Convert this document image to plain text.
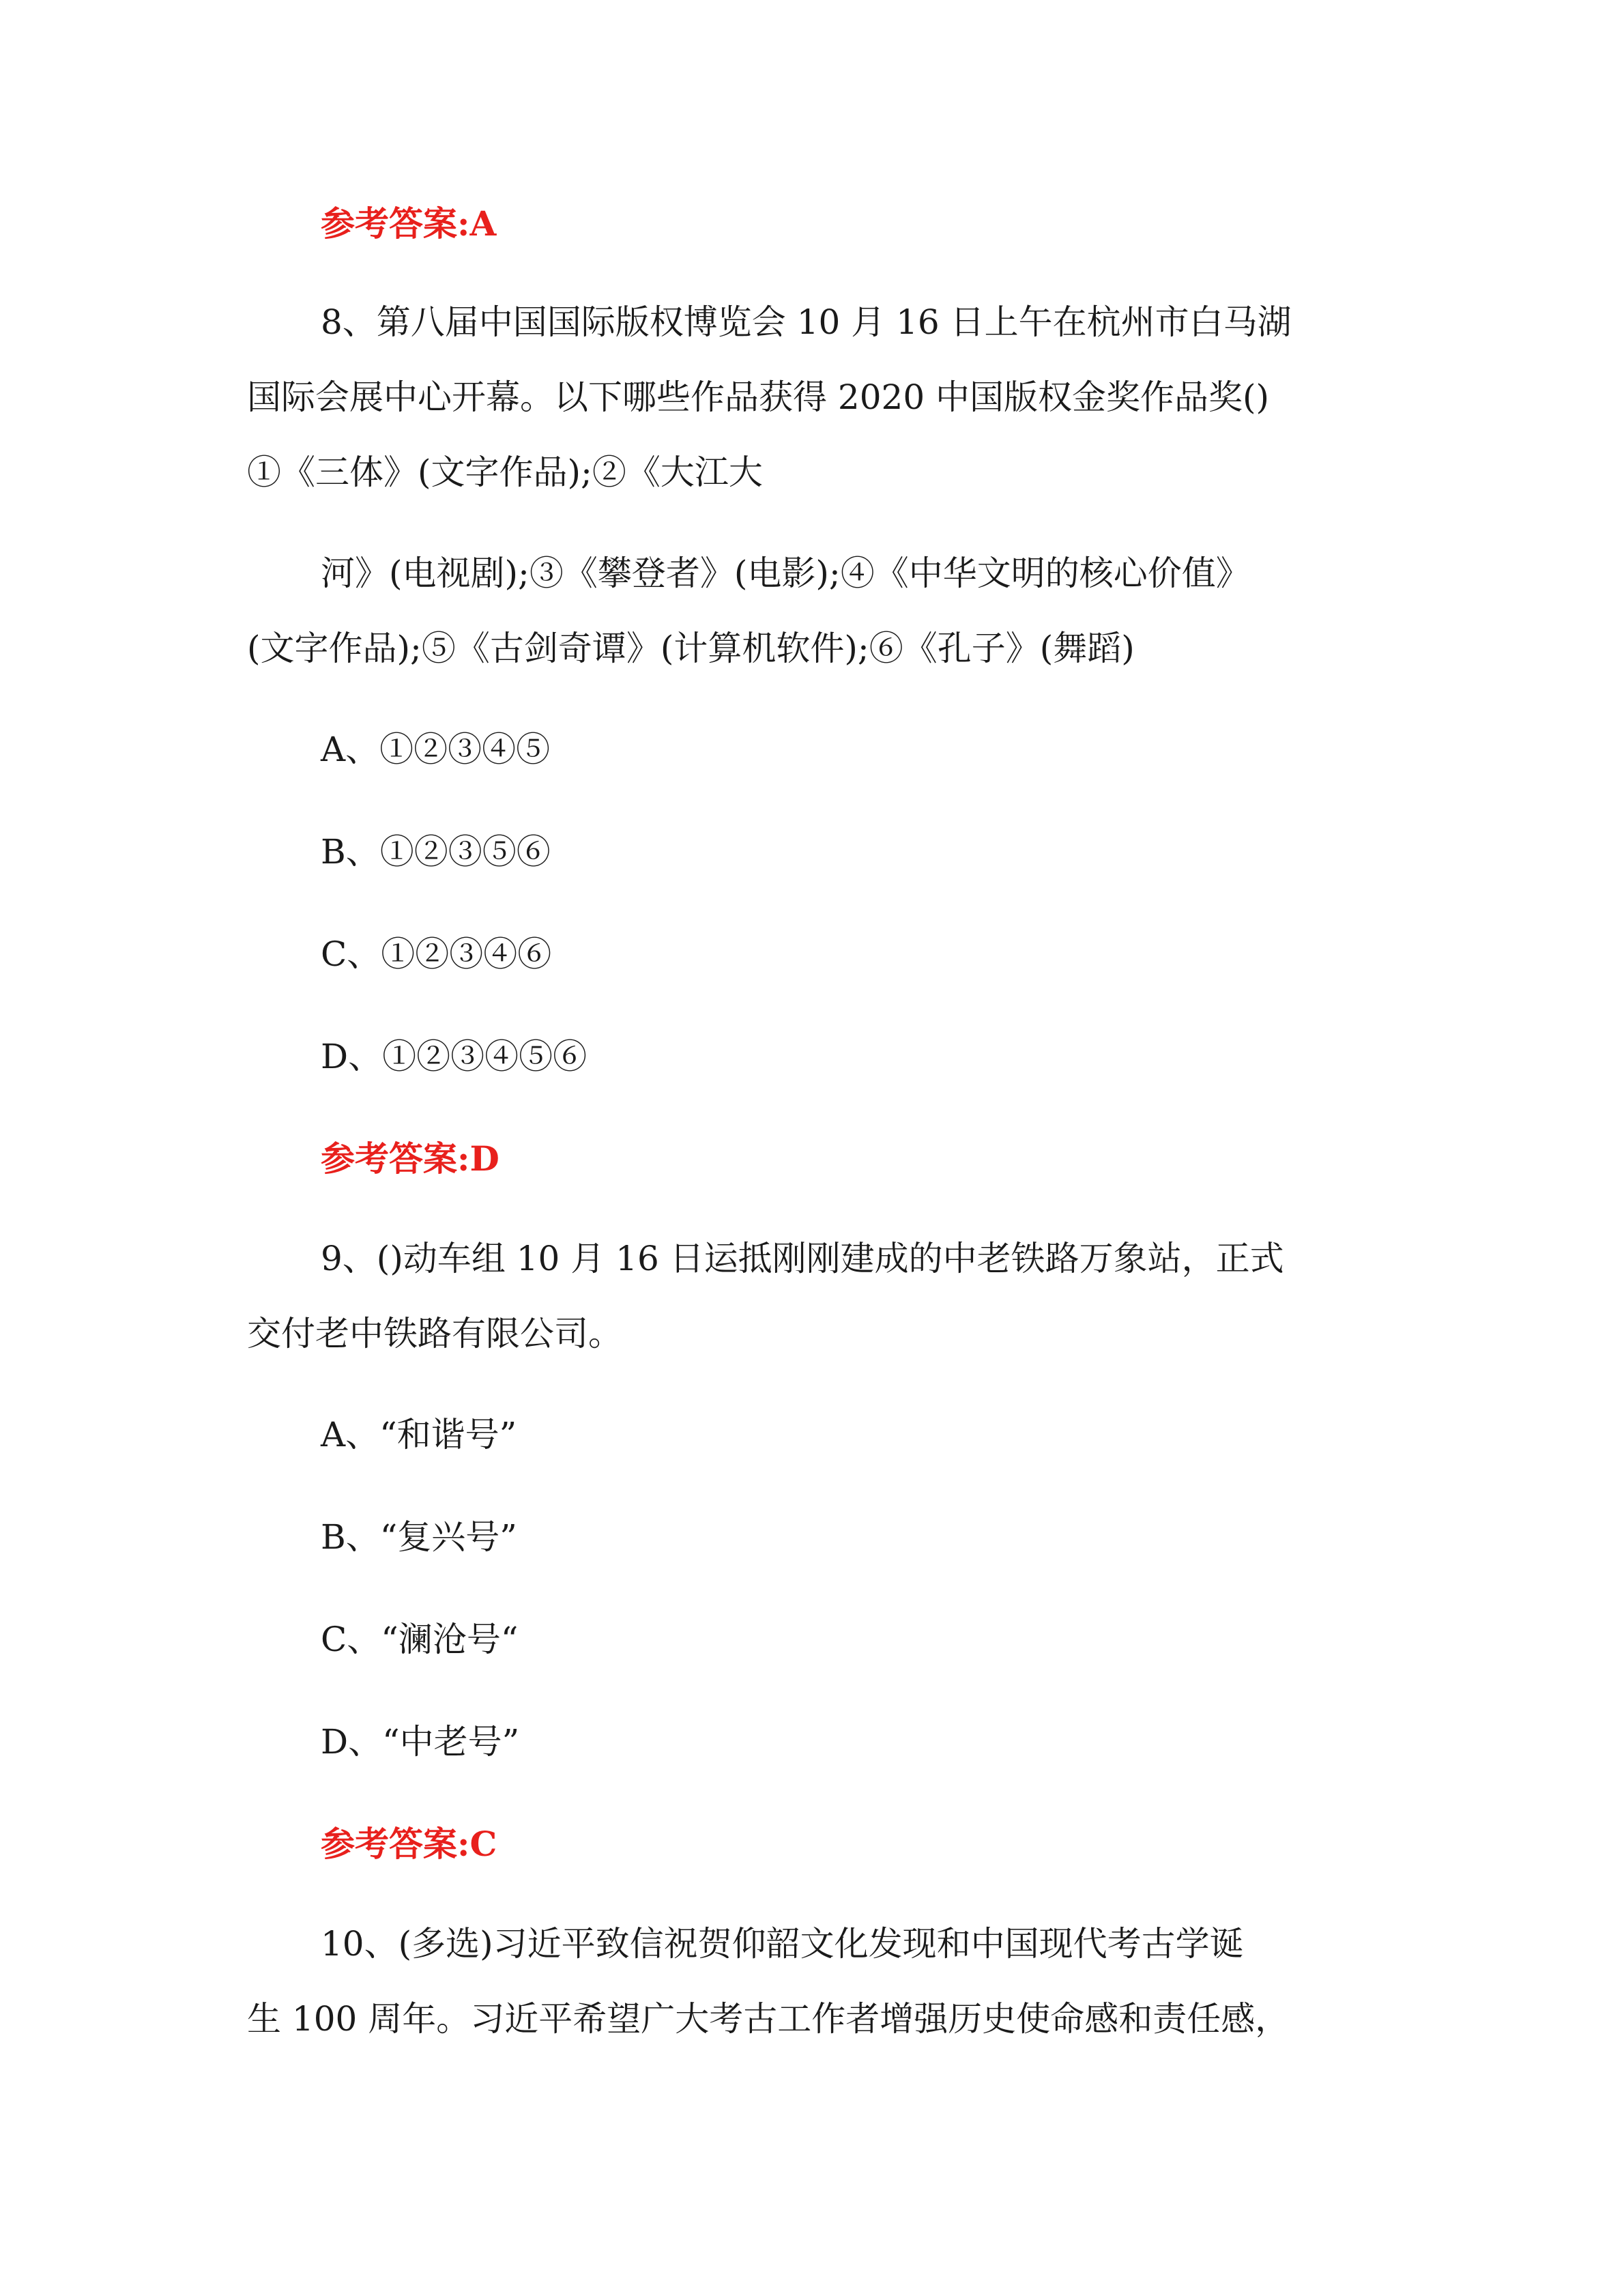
参考答案:A
8、第八届中国国际版权博览会 10 月 16 日上午在杭州市白马湖
国际会展中心开幕。以下哪些作品获得 2020 中国版权金奖作品奖()
①《三体》(文字作品);②《大江大
河》(电视剧);③《攀登者》(电影);④《中华文明的核心价值》
(文字作品);⑤《古剑奇谭》(计算机软件);⑥《孔子》(舞蹈)
A、①②③④⑤
B、①②③⑤⑥
C、①②③④⑥
D、①②③④⑤⑥
参考答案:D
9、()动车组 10 月 16 日运抵刚刚建成的中老铁路万象站，正式
交付老中铁路有限公司。
A、“和谐号”
B、“复兴号”
C、“澜沧号“
D、“中老号”
参考答案:C
10、(多选)习近平致信祝贺仰韶文化发现和中国现代考古学诞
生 100 周年。习近平希望广大考古工作者增强历史使命感和责任感，
